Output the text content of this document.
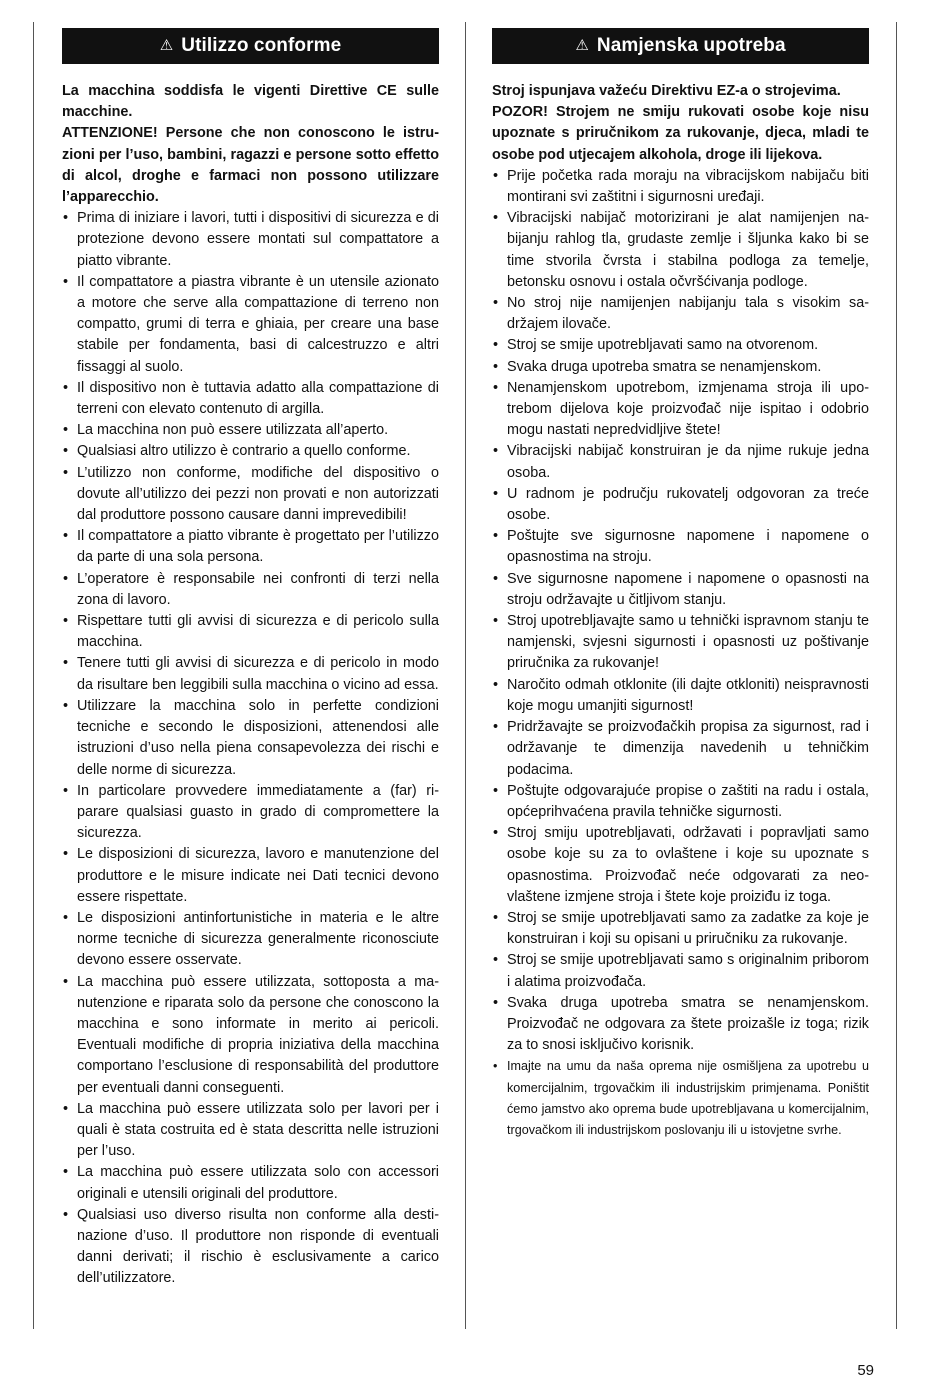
⚠ Utilizzo conforme

La macchina soddisfa le vigenti Direttive CE sulle macchine.

ATTENZIONE! Persone che non conoscono le istruzioni per l’uso, bambini, ragazzi e persone sotto effetto di alcol, droghe e farmaci non possono utilizzare l’apparecchio.

• Prima di iniziare i lavori, tutti i dispositivi di sicurezza e di protezione devono essere montati sul compattatore a piatto vibrante.
• Il compattatore a piastra vibrante è un utensile azionato a motore che serve alla compattazione di terreno non compatto, grumi di terra e ghiaia, per creare una base stabile per fondamenta, basi di calcestruzzo e altri fissaggi al suolo.
• Il dispositivo non è tuttavia adatto alla compattazione di terreni con elevato contenuto di argilla.
• La macchina non può essere utilizzata all’aperto.
• Qualsiasi altro utilizzo è contrario a quello conforme.
• L’utilizzo non conforme, modifiche del dispositivo o dovute all’utilizzo dei pezzi non provati e non autorizzati dal produttore possono causare danni imprevedibili!
• Il compattatore a piatto vibrante è progettato per l’utilizzo da parte di una sola persona.
• L’operatore è responsabile nei confronti di terzi nella zona di lavoro.
• Rispettare tutti gli avvisi di sicurezza e di pericolo sulla macchina.
• Tenere tutti gli avvisi di sicurezza e di pericolo in modo da risultare ben leggibili sulla macchina o vicino ad essa.
• Utilizzare la macchina solo in perfette condizioni tecniche e secondo le disposizioni, attenendosi alle istruzioni d’uso nella piena consapevolezza dei rischi e delle norme di sicurezza.
• In particolare provvedere immediatamente a (far) riparare qualsiasi guasto in grado di compromettere la sicurezza.
• Le disposizioni di sicurezza, lavoro e manutenzione del produttore e le misure indicate nei Dati tecnici devono essere rispettate.
• Le disposizioni antinfortunistiche in materia e le altre norme tecniche di sicurezza generalmente riconosciute devono essere osservate.
• La macchina può essere utilizzata, sottoposta a manutenzione e riparata solo da persone che conoscono la macchina e sono informate in merito ai pericoli. Eventuali modifiche di propria iniziativa della macchina comportano l’esclusione di responsabilità del produttore per eventuali danni conseguenti.
• La macchina può essere utilizzata solo per lavori per i quali è stata costruita ed è stata descritta nelle istruzioni per l’uso.
• La macchina può essere utilizzata solo con accessori originali e utensili originali del produttore.
• Qualsiasi uso diverso risulta non conforme alla destinazione d’uso. Il produttore non risponde di eventuali danni derivati; il rischio è esclusivamente a carico dell’utilizzatore.
⚠ Namjenska upotreba

Stroj ispunjava važeću Direktivu EZ-a o strojevima.

POZOR! Strojem ne smiju rukovati osobe koje nisu upoznate s priručnikom za rukovanje, djeca, mladi te osobe pod utjecajem alkohola, droge ili lijekova.

• Prije početka rada moraju na vibracijskom nabijaču biti montirani svi zaštitni i sigurnosni uređaji.
• Vibracijski nabijač motorizirani je alat namijenjen nabijanju rahlog tla, grudaste zemlje i šljunka kako bi se time stvorila čvrsta i stabilna podloga za temelje, betonsku osnovu i ostala očvršćivanja podloge.
• No stroj nije namijenjen nabijanju tala s visokim sadržajem ilovače.
• Stroj se smije upotrebljavati samo na otvorenom.
• Svaka druga upotreba smatra se nenamjenskom.
• Nenamjenskom upotrebom, izmjenama stroja ili upotrebom dijelova koje proizvođač nije ispitao i odobrio mogu nastati nepredvidljive štete!
• Vibracijski nabijač konstruiran je da njime rukuje jedna osoba.
• U radnom je području rukovatelj odgovoran za treće osobe.
• Poštujte sve sigurnosne napomene i napomene o opasnostima na stroju.
• Sve sigurnosne napomene i napomene o opasnosti na stroju održavajte u čitljivom stanju.
• Stroj upotrebljavajte samo u tehnički ispravnom stanju te namjenski, svjesni sigurnosti i opasnosti uz poštivanje priručnika za rukovanje!
• Naročito odmah otklonite (ili dajte otkloniti) neispravnosti koje mogu umanjiti sigurnost!
• Pridržavajte se proizvođačkih propisa za sigurnost, rad i održavanje te dimenzija navedenih u tehničkim podacima.
• Poštujte odgovarajuće propise o zaštiti na radu i ostala, općeprihvaćena pravila tehničke sigurnosti.
• Stroj smiju upotrebljavati, održavati i popravljati samo osobe koje su za to ovlaštene i koje su upoznate s opasnostima. Proizvođač neće odgovarati za neovlaštene izmjene stroja i štete koje proiziđu iz toga.
• Stroj se smije upotrebljavati samo za zadatke za koje je konstruiran i koji su opisani u priručniku za rukovanje.
• Stroj se smije upotrebljavati samo s originalnim priborom i alatima proizvođača.
• Svaka druga upotreba smatra se nenamjenskom. Proizvođač ne odgovara za štete proizašle iz toga; rizik za to snosi isključivo korisnik.
• Imajte na umu da naša oprema nije osmišljena za upotrebu u komercijalnim, trgovačkim ili industrijskim primjenama. Poništit ćemo jamstvo ako oprema bude upotrebljavana u komercijalnim, trgovačkom ili industrijskom poslovanju ili u istovjetne svrhe.
59
